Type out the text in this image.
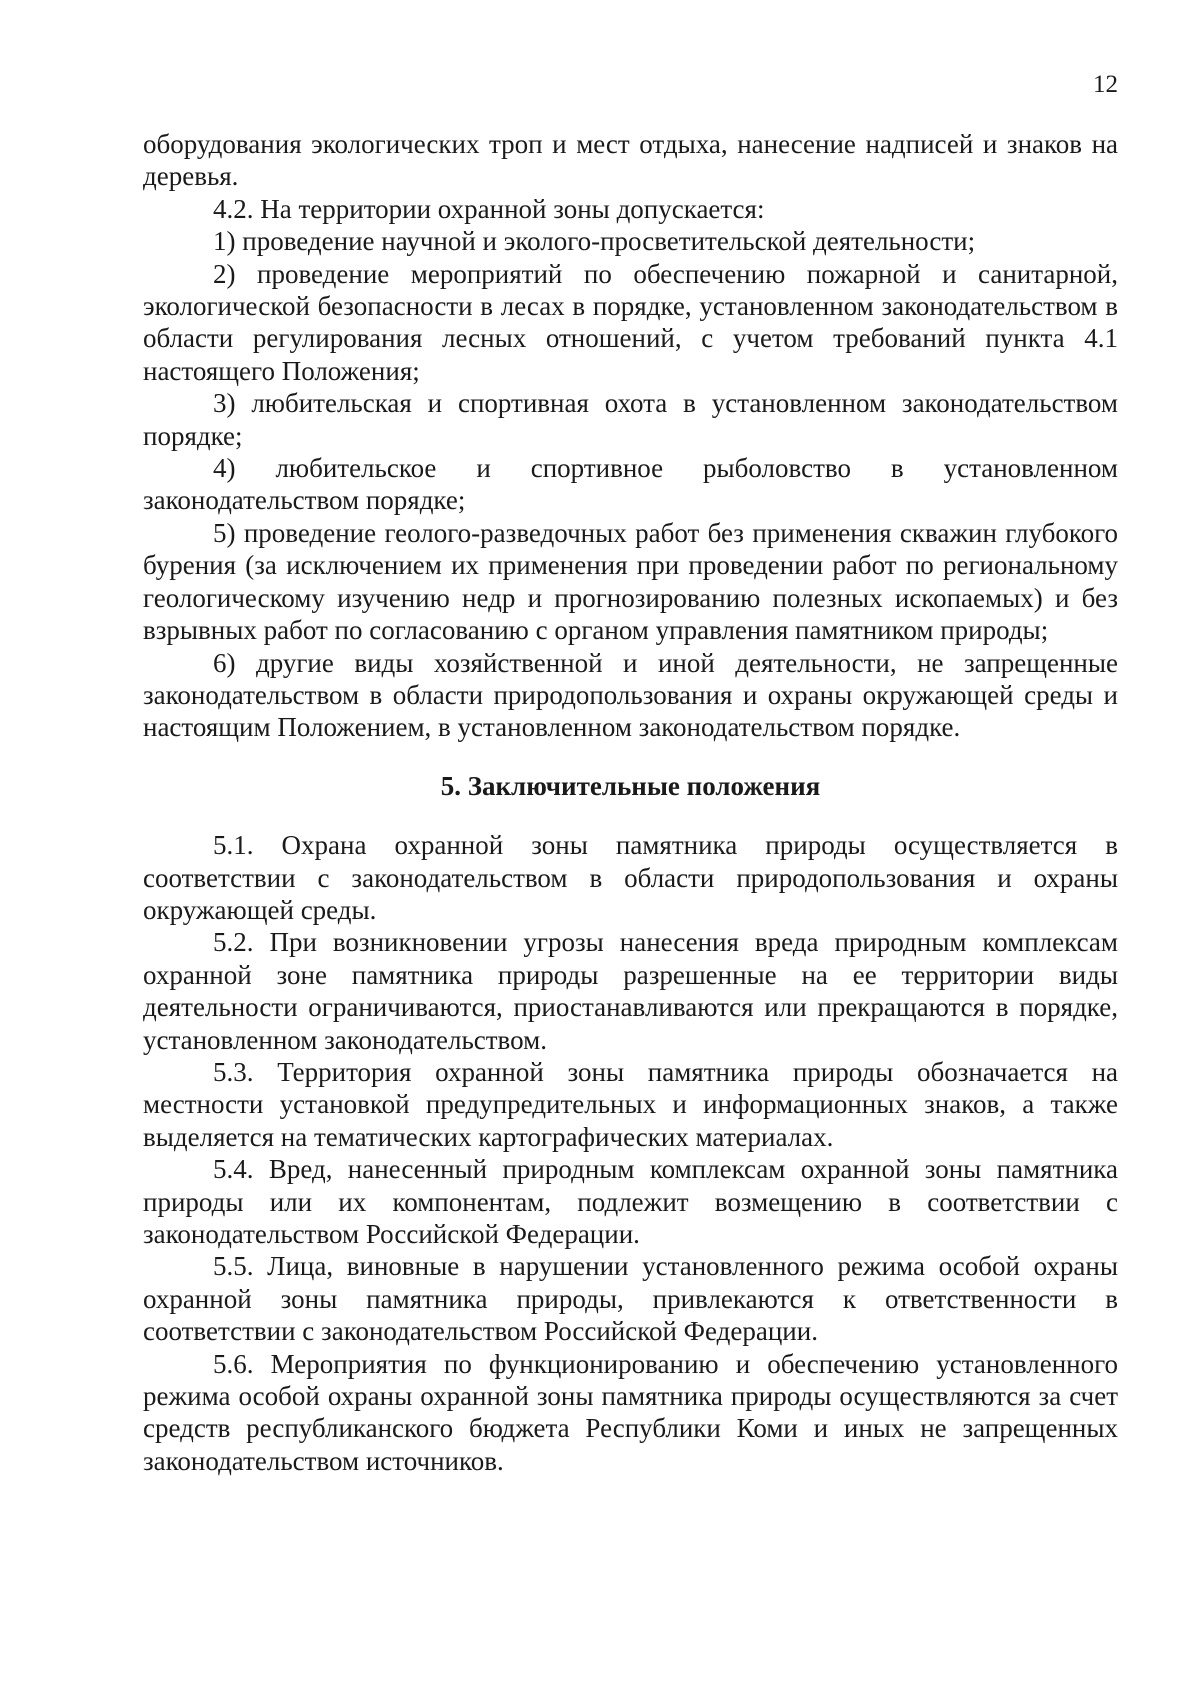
12

оборудования экологических троп и мест отдыха, нанесение надписей и знаков на деревья.

4.2. На территории охранной зоны допускается:

1) проведение научной и эколого-просветительской деятельности;

2) проведение мероприятий по обеспечению пожарной и санитарной, экологической безопасности в лесах в порядке, установленном законодательством в области регулирования лесных отношений, с учетом требований пункта 4.1 настоящего Положения;

3) любительская и спортивная охота в установленном законодательством порядке;

4) любительское и спортивное рыболовство в установленном законодательством порядке;

5) проведение геолого-разведочных работ без применения скважин глубокого бурения (за исключением их применения при проведении работ по региональному геологическому изучению недр и прогнозированию полезных ископаемых) и без взрывных работ по согласованию с органом управления памятником природы;

6) другие виды хозяйственной и иной деятельности, не запрещенные законодательством в области природопользования и охраны окружающей среды и настоящим Положением, в установленном законодательством порядке.

5. Заключительные положения

5.1. Охрана охранной зоны памятника природы осуществляется в соответствии с законодательством в области природопользования и охраны окружающей среды.

5.2. При возникновении угрозы нанесения вреда природным комплексам охранной зоне памятника природы разрешенные на ее территории виды деятельности ограничиваются, приостанавливаются или прекращаются в порядке, установленном законодательством.

5.3. Территория охранной зоны памятника природы обозначается на местности установкой предупредительных и информационных знаков, а также выделяется на тематических картографических материалах.

5.4. Вред, нанесенный природным комплексам охранной зоны памятника природы или их компонентам, подлежит возмещению в соответствии с законодательством Российской Федерации.

5.5. Лица, виновные в нарушении установленного режима особой охраны охранной зоны памятника природы, привлекаются к ответственности в соответствии с законодательством Российской Федерации.

5.6. Мероприятия по функционированию и обеспечению установленного режима особой охраны охранной зоны памятника природы осуществляются за счет средств республиканского бюджета Республики Коми и иных не запрещенных законодательством источников.
